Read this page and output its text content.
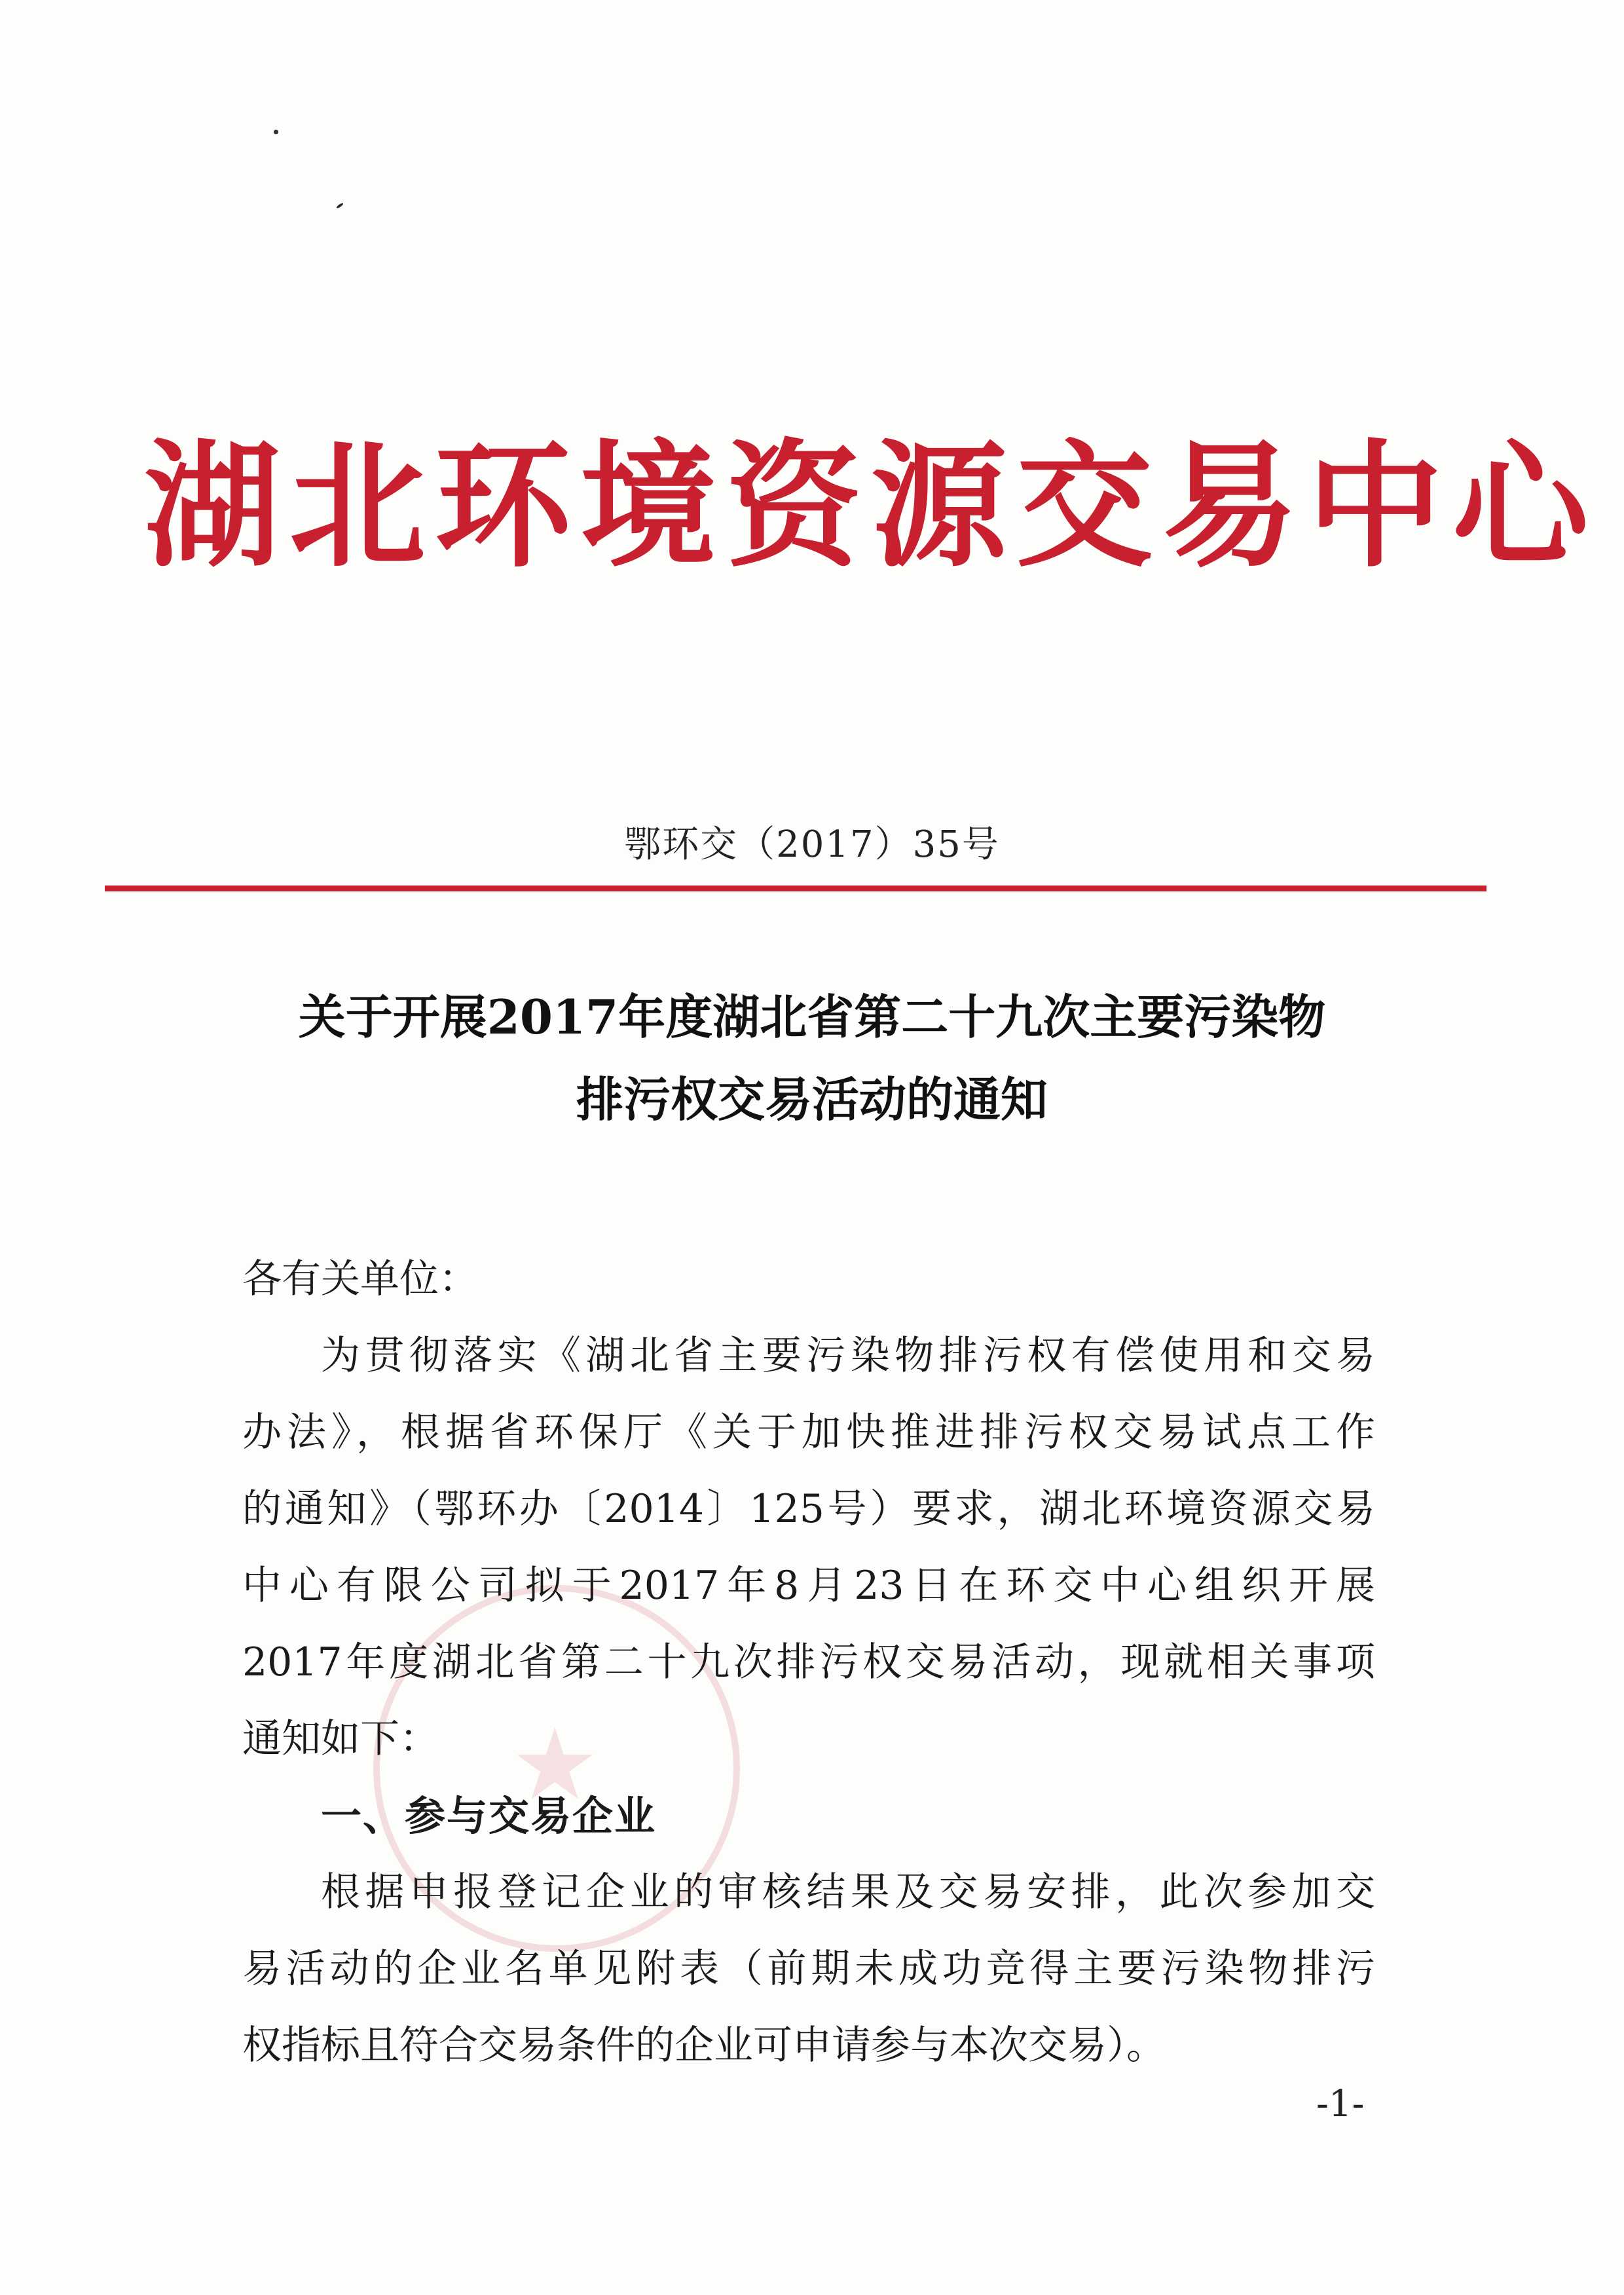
★
湖北环境资源交易中心
鄂环交（2017）35号
关于开展2017年度湖北省第二十九次主要污染物
排污权交易活动的通知
各有关单位：
为贯彻落实《湖北省主要污染物排污权有偿使用和交易
办法》，根据省环保厅《关于加快推进排污权交易试点工作
的通知》（鄂环办〔2014〕125号）要求，湖北环境资源交易
中心有限公司拟于2017年8月23日在环交中心组织开展
2017年度湖北省第二十九次排污权交易活动，现就相关事项
通知如下：
一、参与交易企业
根据申报登记企业的审核结果及交易安排，此次参加交
易活动的企业名单见附表（前期未成功竞得主要污染物排污
权指标且符合交易条件的企业可申请参与本次交易）。
-1-
